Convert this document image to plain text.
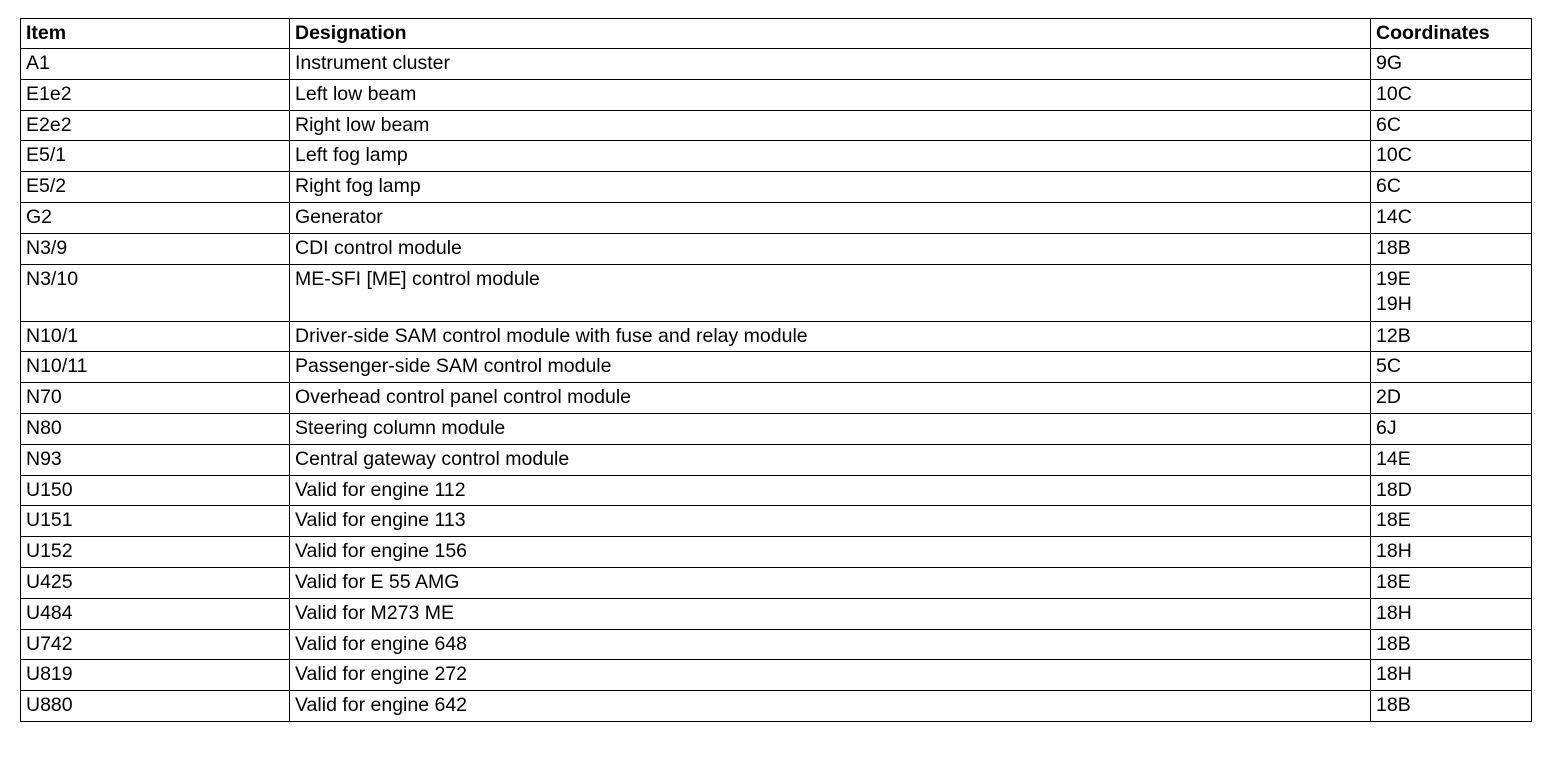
Item	Designation	Coordinates
A1	Instrument cluster	9G

E1e2	Left low beam	10C

E2e2	Right low beam	6C

E5/1	Left fog lamp	10C

E5/2	Right fog lamp	6C

G2	Generator	14C

N3/9	CDI control module	18B

N3/10	ME-SFI [ME] control module	19E
19H

N10/1	Driver-side SAM control module with fuse and relay module	12B

N10/11	Passenger-side SAM control module	5C

N70	Overhead control panel control module	2D

N80	Steering column module	6J

N93	Central gateway control module	14E

U150	Valid for engine 112	18D

U151	Valid for engine 113	18E

U152	Valid for engine 156	18H

U425	Valid for E 55 AMG	18E

U484	Valid for M273 ME	18H

U742	Valid for engine 648	18B

U819	Valid for engine 272	18H

U880	Valid for engine 642	18B
